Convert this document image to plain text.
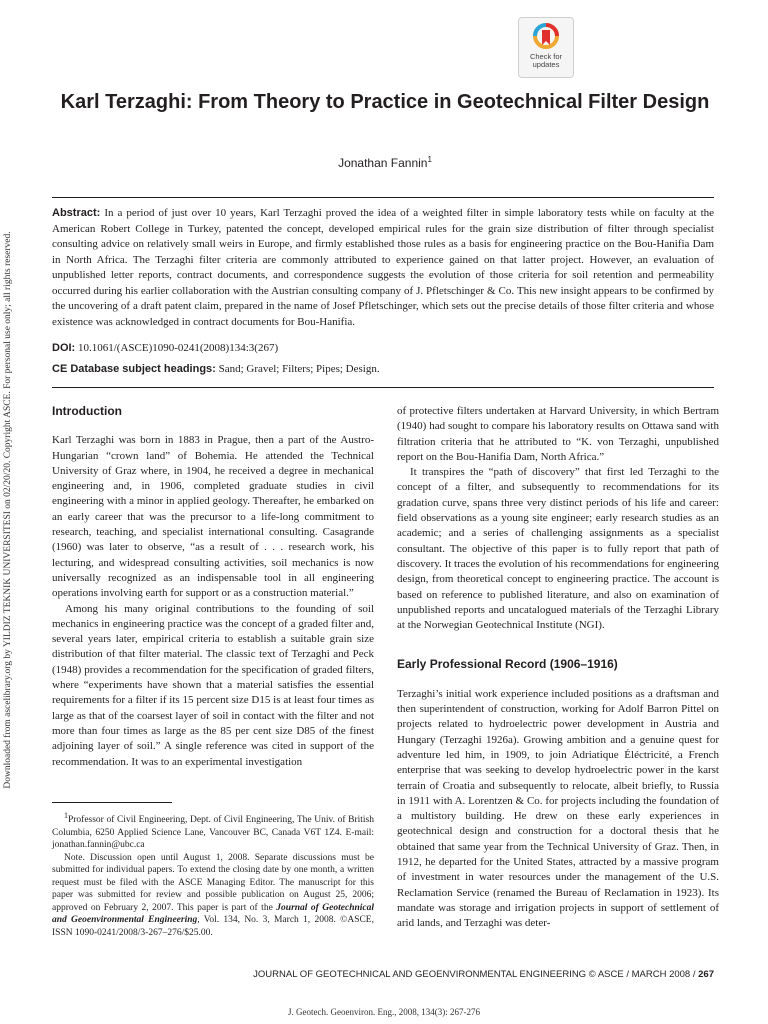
Downloaded from ascelibrary.org by YILDIZ TEKNIK UNIVERSITESI on 02/20/20. Copyright ASCE. For personal use only; all rights reserved.
Check for
updates
Karl Terzaghi: From Theory to Practice in Geotechnical Filter Design
Jonathan Fannin$^1$

Abstract: In a period of just over 10 years, Karl Terzaghi proved the idea of a weighted filter in simple laboratory tests while on faculty at the American Robert College in Turkey, patented the concept, developed empirical rules for the grain size distribution of filter through specialist consulting advice on relatively small weirs in Europe, and firmly established those rules as a basis for engineering practice on the Bou-Hanifia Dam in North Africa. The Terzaghi filter criteria are commonly attributed to experience gained on that latter project. However, an evaluation of unpublished letter reports, contract documents, and correspondence suggests the evolution of those criteria for soil retention and permeability occurred during his earlier collaboration with the Austrian consulting company of J. Pfletschinger & Co. This new insight appears to be confirmed by the uncovering of a draft patent claim, prepared in the name of Josef Pfletschinger, which sets out the precise details of those filter criteria and whose existence was acknowledged in contract documents for Bou-Hanifia.

DOI: 10.1061/(ASCE)1090-0241(2008)134:3(267)
CE Database subject headings: Sand; Gravel; Filters; Pipes; Design.
Introduction

Karl Terzaghi was born in 1883 in Prague, then a part of the Austro-Hungarian “crown land” of Bohemia. He attended the Technical University of Graz where, in 1904, he received a degree in mechanical engineering and, in 1906, completed graduate studies in civil engineering with a minor in applied geology. Thereafter, he embarked on an early career that was the precursor to a life-long commitment to research, teaching, and specialist international consulting. Casagrande (1960) was later to observe, “as a result of . . . research work, his lecturing, and widespread consulting activities, soil mechanics is now universally recognized as an indispensable tool in all engineering operations involving earth for support or as a construction material.”

Among his many original contributions to the founding of soil mechanics in engineering practice was the concept of a graded filter and, several years later, empirical criteria to establish a suitable grain size distribution of that filter material. The classic text of Terzaghi and Peck (1948) provides a recommendation for the specification of graded filters, where “experiments have shown that a material satisfies the essential requirements for a filter if its 15 percent size D15 is at least four times as large as that of the coarsest layer of soil in contact with the filter and not more than four times as large as the 85 per cent size D85 of the finest adjoining layer of soil.” A single reference was cited in support of the recommendation. It was to an experimental investigation

$^1$Professor of Civil Engineering, Dept. of Civil Engineering, The Univ. of British Columbia, 6250 Applied Science Lane, Vancouver BC, Canada V6T 1Z4. E-mail: jonathan.fannin@ubc.ca

Note. Discussion open until August 1, 2008. Separate discussions must be submitted for individual papers. To extend the closing date by one month, a written request must be filed with the ASCE Managing Editor. The manuscript for this paper was submitted for review and possible publication on August 25, 2006; approved on February 2, 2007. This paper is part of the Journal of Geotechnical and Geoenvironmental Engineering, Vol. 134, No. 3, March 1, 2008. ©ASCE, ISSN 1090-0241/2008/3-267–276/$25.00.

of protective filters undertaken at Harvard University, in which Bertram (1940) had sought to compare his laboratory results on Ottawa sand with filtration criteria that he attributed to “K. von Terzaghi, unpublished report on the Bou-Hanifia Dam, North Africa.”

It transpires the “path of discovery” that first led Terzaghi to the concept of a filter, and subsequently to recommendations for its gradation curve, spans three very distinct periods of his life and career: field observations as a young site engineer; early research studies as an academic; and a series of challenging assignments as a specialist consultant. The objective of this paper is to fully report that path of discovery. It traces the evolution of his recommendations for engineering design, from theoretical concept to engineering practice. The account is based on reference to published literature, and also on examination of unpublished reports and uncatalogued materials of the Terzaghi Library at the Norwegian Geotechnical Institute (NGI).

Early Professional Record (1906–1916)

Terzaghi’s initial work experience included positions as a draftsman and then superintendent of construction, working for Adolf Barron Pittel on projects related to hydroelectric power development in Austria and Hungary (Terzaghi 1926a). Growing ambition and a genuine quest for adventure led him, in 1909, to join Adriatique Éléctricité, a French enterprise that was seeking to develop hydroelectric power in the karst terrain of Croatia and subsequently to relocate, albeit briefly, to Russia in 1911 with A. Lorentzen & Co. for projects including the foundation of a multistory building. He drew on these early experiences in geotechnical design and construction for a doctoral thesis that he obtained that same year from the Technical University of Graz. Then, in 1912, he departed for the United States, attracted by a massive program of investment in water resources under the management of the U.S. Reclamation Service (renamed the Bureau of Reclamation in 1923). Its mandate was storage and irrigation projects in support of settlement of arid lands, and Terzaghi was deter-

JOURNAL OF GEOTECHNICAL AND GEOENVIRONMENTAL ENGINEERING © ASCE / MARCH 2008 / 267
J. Geotech. Geoenviron. Eng., 2008, 134(3): 267-276
